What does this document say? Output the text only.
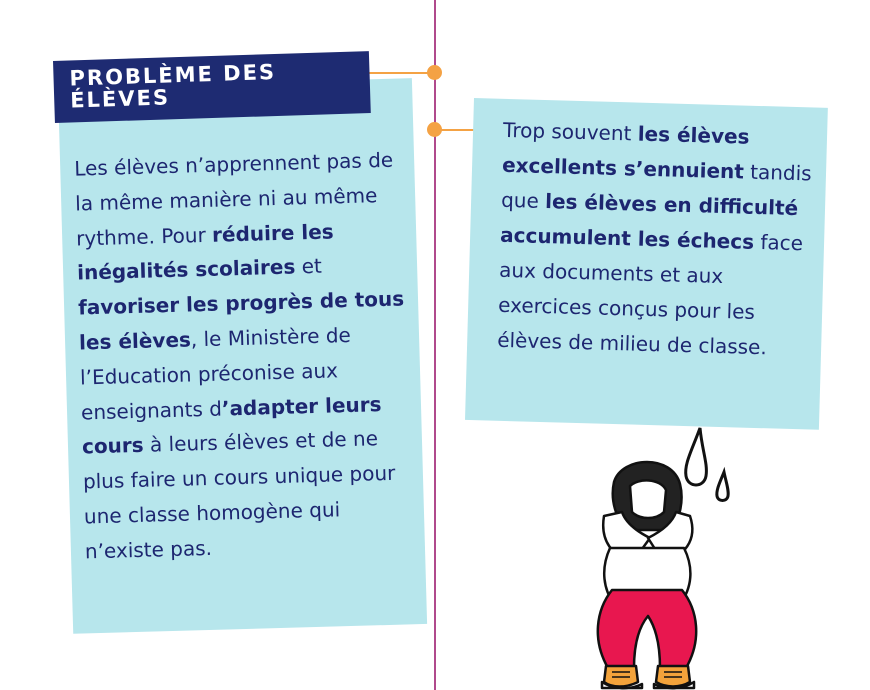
Les élèves n’apprennent pas de la même manière ni au même rythme. Pour réduire les inégalités scolaires et favoriser les progrès de tous les élèves, le Ministère de l’Education préconise aux enseignants d’adapter leurs cours à leurs élèves et de ne plus faire un cours unique pour une classe homogène qui n’existe pas.
PROBLÈME DES ÉLÈVES
Trop souvent les élèves excellents s’ennuient tandis que les élèves en difficulté accumulent les échecs face aux documents et aux exercices conçus pour les élèves de milieu de classe.
